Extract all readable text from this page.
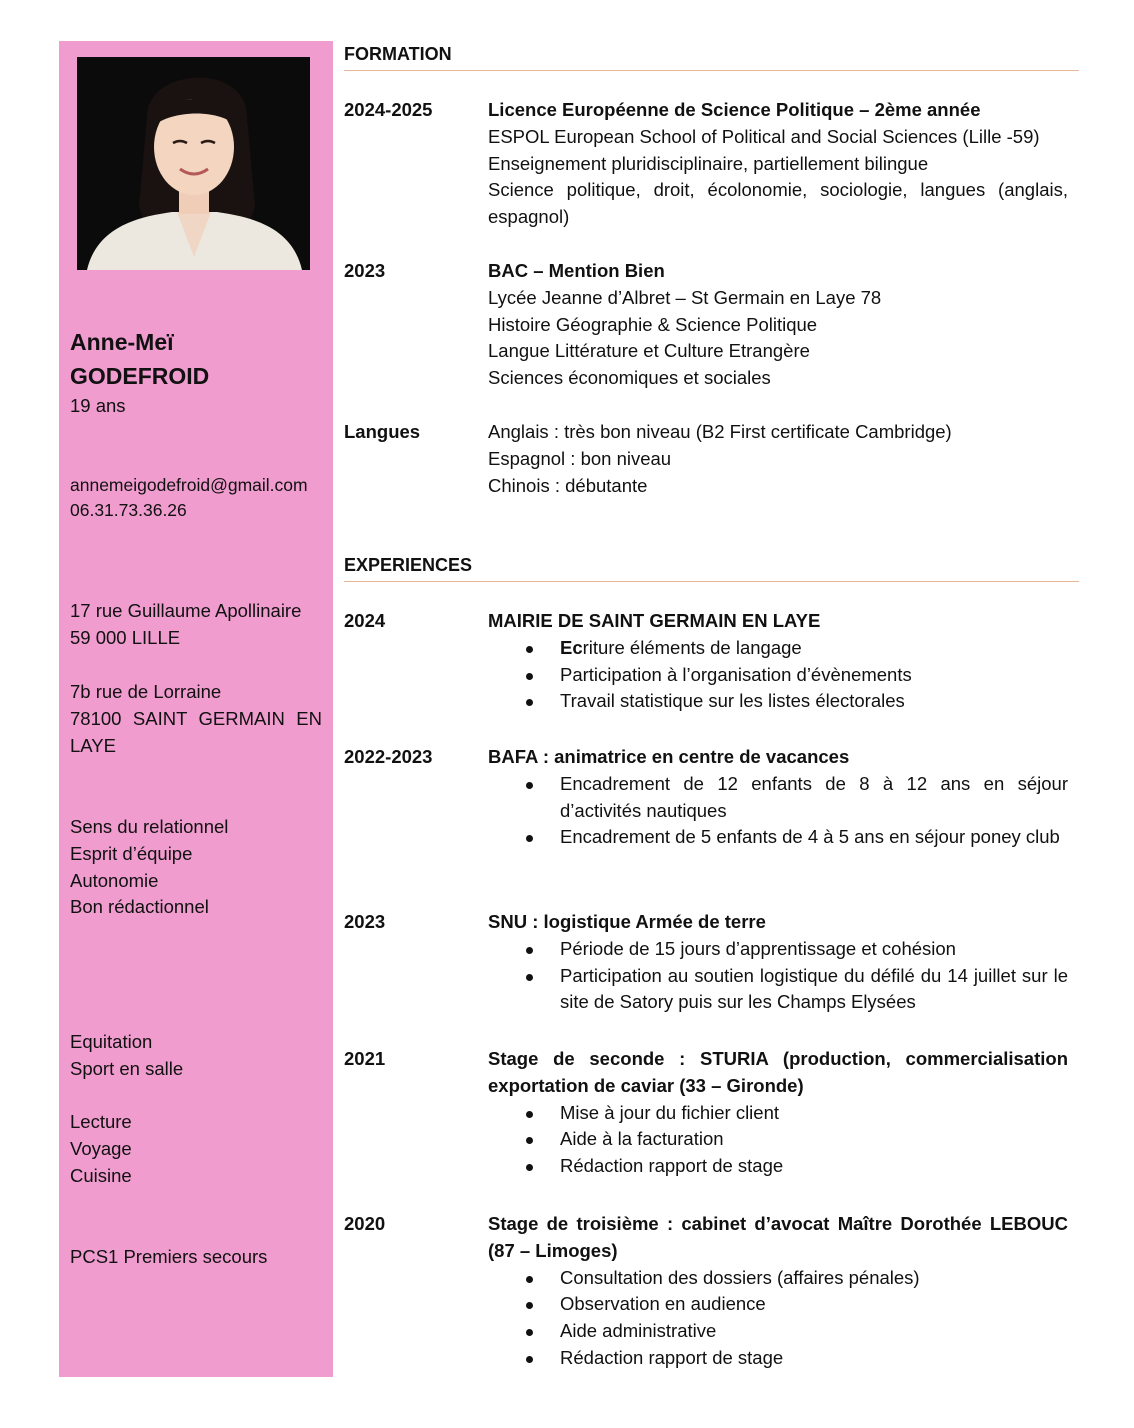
Anne-Meï
GODEFROID
19 ans
annemeigodefroid@gmail.com
06.31.73.36.26
17 rue Guillaume Apollinaire
59 000 LILLE
7b rue de Lorraine
78100 SAINT GERMAIN EN
LAYE
Sens du relationnel
Esprit d’équipe
Autonomie
Bon rédactionnel
Equitation
Sport en salle
Lecture
Voyage
Cuisine
PCS1 Premiers secours
FORMATION
2024-2025	Licence Européenne de Science Politique – 2ème année
ESPOL European School of Political and Social Sciences (Lille -59)
Enseignement pluridisciplinaire, partiellement bilingue
Science politique, droit, écolonomie, sociologie, langues (anglais, espagnol)
2023	BAC – Mention Bien
Lycée Jeanne d’Albret – St Germain en Laye 78
Histoire Géographie & Science Politique
Langue Littérature et Culture Etrangère
Sciences économiques et sociales
Langues	Anglais : très bon niveau (B2 First certificate Cambridge)
Espagnol : bon niveau
Chinois : débutante
EXPERIENCES
2024	MAIRIE DE SAINT GERMAIN EN LAYE
Ecriture éléments de langage
Participation à l’organisation d’évènements
Travail statistique sur les listes électorales
2022-2023	BAFA : animatrice en centre de vacances
Encadrement de 12 enfants de 8 à 12 ans en séjour d’activités nautiques
Encadrement de 5 enfants de 4 à 5 ans en séjour poney club
2023	SNU : logistique Armée de terre
Période de 15 jours d’apprentissage et cohésion
Participation au soutien logistique du défilé du 14 juillet sur le site de Satory puis sur les Champs Elysées
2021	Stage de seconde : STURIA (production, commercialisation exportation de caviar (33 – Gironde)
Mise à jour du fichier client
Aide à la facturation
Rédaction rapport de stage
2020	Stage de troisième : cabinet d’avocat Maître Dorothée LEBOUC (87 – Limoges)
Consultation des dossiers (affaires pénales)
Observation en audience
Aide administrative
Rédaction rapport de stage
